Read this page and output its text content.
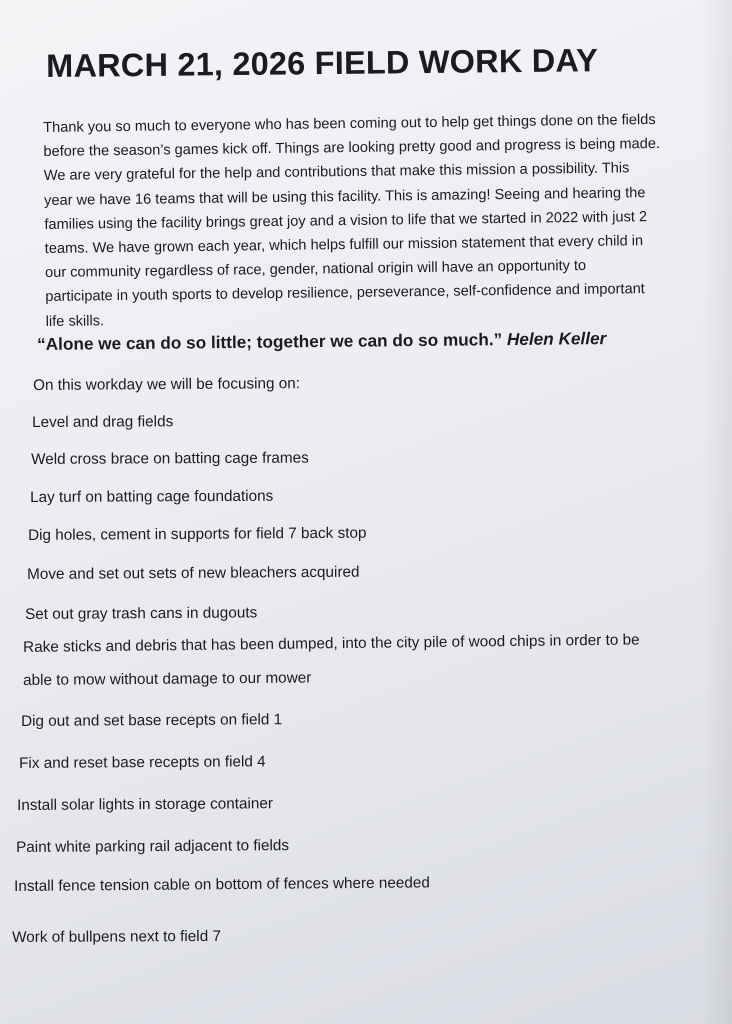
MARCH 21, 2026 FIELD WORK DAY
Thank you so much to everyone who has been coming out to help get things done on the fields
before the season’s games kick off. Things are looking pretty good and progress is being made.
We are very grateful for the help and contributions that make this mission a possibility. This
year we have 16 teams that will be using this facility. This is amazing! Seeing and hearing the
families using the facility brings great joy and a vision to life that we started in 2022 with just 2
teams. We have grown each year, which helps fulfill our mission statement that every child in
our community regardless of race, gender, national origin will have an opportunity to
participate in youth sports to develop resilience, perseverance, self-confidence and important
life skills.
“Alone we can do so little; together we can do so much.” Helen Keller
On this workday we will be focusing on:
Level and drag fields
Weld cross brace on batting cage frames
Lay turf on batting cage foundations
Dig holes, cement in supports for field 7 back stop
Move and set out sets of new bleachers acquired
Set out gray trash cans in dugouts
Rake sticks and debris that has been dumped, into the city pile of wood chips in order to be
able to mow without damage to our mower
Dig out and set base recepts on field 1
Fix and reset base recepts on field 4
Install solar lights in storage container
Paint white parking rail adjacent to fields
Install fence tension cable on bottom of fences where needed
Work of bullpens next to field 7
